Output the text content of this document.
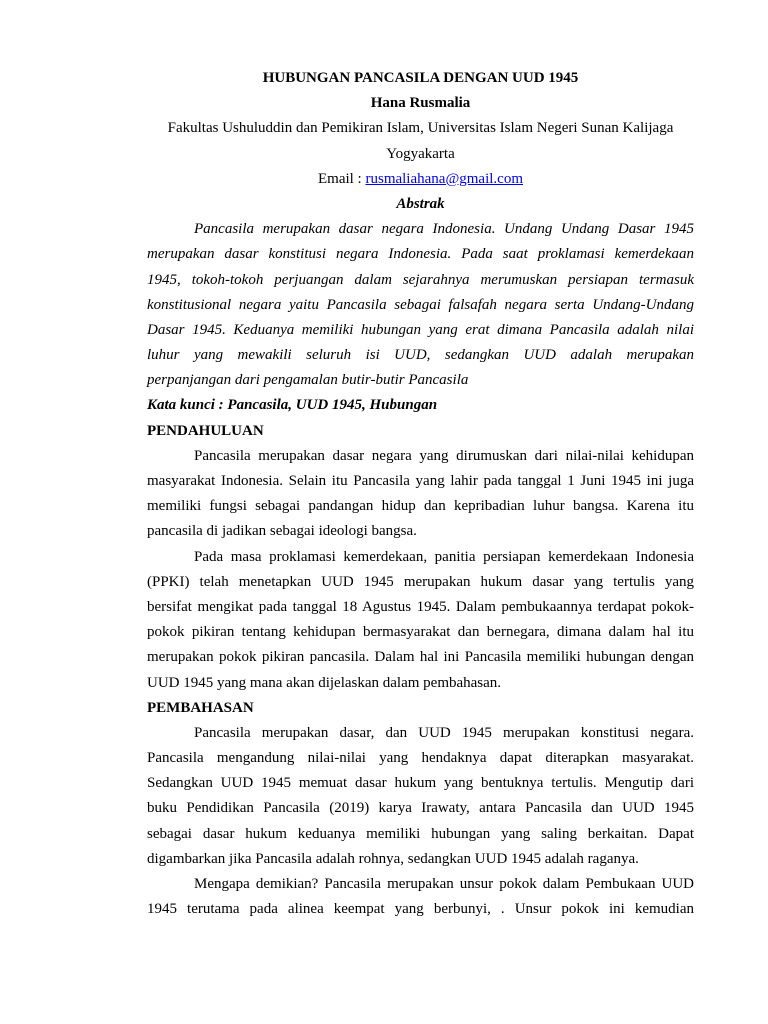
HUBUNGAN PANCASILA DENGAN UUD 1945
Hana Rusmalia
Fakultas Ushuluddin dan Pemikiran Islam, Universitas Islam Negeri Sunan Kalijaga
Yogyakarta
Email : rusmaliahana@gmail.com
Abstrak
Pancasila merupakan dasar negara Indonesia. Undang Undang Dasar 1945
merupakan dasar konstitusi negara Indonesia. Pada saat proklamasi kemerdekaan
1945, tokoh-tokoh perjuangan dalam sejarahnya merumuskan persiapan termasuk
konstitusional negara yaitu Pancasila sebagai falsafah negara serta Undang-Undang
Dasar 1945. Keduanya memiliki hubungan yang erat dimana Pancasila adalah nilai
luhur yang mewakili seluruh isi UUD, sedangkan UUD adalah merupakan
perpanjangan dari pengamalan butir-butir Pancasila
Kata kunci : Pancasila, UUD 1945, Hubungan
PENDAHULUAN
Pancasila merupakan dasar negara yang dirumuskan dari nilai-nilai kehidupan
masyarakat Indonesia. Selain itu Pancasila yang lahir pada tanggal 1 Juni 1945 ini juga
memiliki fungsi sebagai pandangan hidup dan kepribadian luhur bangsa. Karena itu
pancasila di jadikan sebagai ideologi bangsa.
Pada masa proklamasi kemerdekaan, panitia persiapan kemerdekaan Indonesia
(PPKI) telah menetapkan UUD 1945 merupakan hukum dasar yang tertulis yang
bersifat mengikat pada tanggal 18 Agustus 1945. Dalam pembukaannya terdapat pokok-
pokok pikiran tentang kehidupan bermasyarakat dan bernegara, dimana dalam hal itu
merupakan pokok pikiran pancasila. Dalam hal ini Pancasila memiliki hubungan dengan
UUD 1945 yang mana akan dijelaskan dalam pembahasan.
PEMBAHASAN
Pancasila merupakan dasar, dan UUD 1945 merupakan konstitusi negara.
Pancasila mengandung nilai-nilai yang hendaknya dapat diterapkan masyarakat.
Sedangkan UUD 1945 memuat dasar hukum yang bentuknya tertulis. Mengutip dari
buku Pendidikan Pancasila (2019) karya Irawaty, antara Pancasila dan UUD 1945
sebagai dasar hukum keduanya memiliki hubungan yang saling berkaitan. Dapat
digambarkan jika Pancasila adalah rohnya, sedangkan UUD 1945 adalah raganya.
Mengapa demikian? Pancasila merupakan unsur pokok dalam Pembukaan UUD
1945 terutama pada alinea keempat yang berbunyi, . Unsur pokok ini kemudian
